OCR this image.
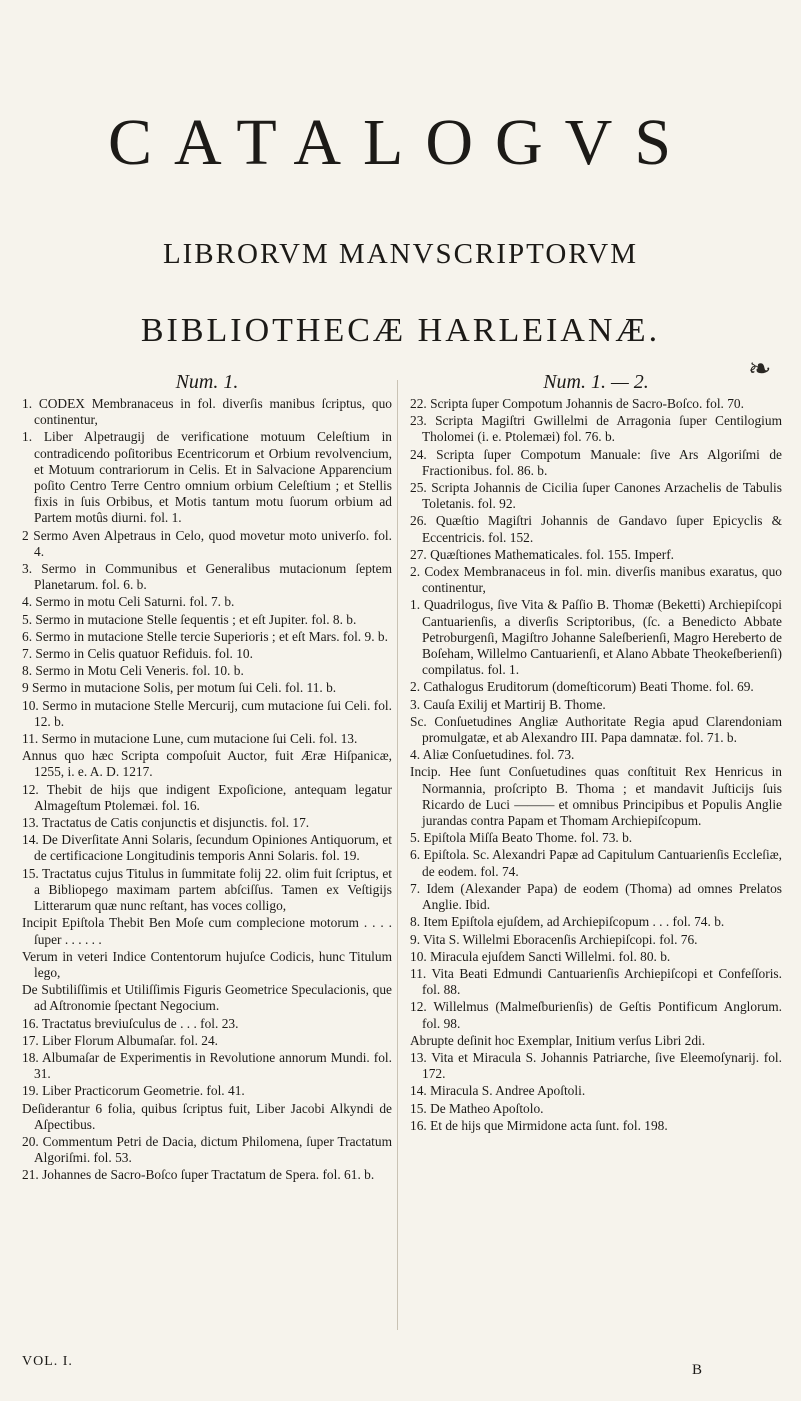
CATALOGVS
LIBRORVM MANVSCRIPTORVM
BIBLIOTHECÆ HARLEIANÆ.
❧
Num. 1.

1. CODEX Membranaceus in fol. diverſis manibus ſcriptus, quo continentur,

1. Liber Alpetraugij de verificatione motuum Celeſtium in contradicendo poſitoribus Ecentricorum et Orbium revolvencium, et Motuum contrariorum in Celis. Et in Salvacione Apparencium poſito Centro Terre Centro omnium orbium Celeſtium ; et Stellis fixis in ſuis Orbibus, et Motis tantum motu ſuorum orbium ad Partem motûs diurni. fol. 1.

2 Sermo Aven Alpetraus in Celo, quod movetur moto univerſo. fol. 4.

3. Sermo in Communibus et Generalibus mutacionum ſeptem Planetarum. fol. 6. b.

4. Sermo in motu Celi Saturni. fol. 7. b.

5. Sermo in mutacione Stelle ſequentis ; et eſt Jupiter. fol. 8. b.

6. Sermo in mutacione Stelle tercie Superioris ; et eſt Mars. fol. 9. b.

7. Sermo in Celis quatuor Refiduis. fol. 10.

8. Sermo in Motu Celi Veneris. fol. 10. b.

9 Sermo in mutacione Solis, per motum ſui Celi. fol. 11. b.

10. Sermo in mutacione Stelle Mercurij, cum mutacione ſui Celi. fol. 12. b.

11. Sermo in mutacione Lune, cum mutacione ſui Celi. fol. 13.

Annus quo hæc Scripta compoſuit Auctor, fuit Æræ Hiſpanicæ, 1255, i. e. A. D. 1217.

12. Thebit de hijs que indigent Expoſicione, antequam legatur Almageſtum Ptolemæi. fol. 16.

13. Tractatus de Catis conjunctis et disjunctis. fol. 17.

14. De Diverſitate Anni Solaris, ſecundum Opiniones Antiquorum, et de certificacione Longitudinis temporis Anni Solaris. fol. 19.

15. Tractatus cujus Titulus in ſummitate folij 22. olim fuit ſcriptus, et a Bibliopego maximam partem abſciſſus. Tamen ex Veſtigijs Litterarum quæ nunc reſtant, has voces colligo,

Incipit Epiſtola Thebit Ben Moſe cum complecione motorum . . . . ſuper . . . . . .

Verum in veteri Indice Contentorum hujuſce Codicis, hunc Titulum lego,

De Subtiliſſimis et Utiliſſimis Figuris Geometrice Speculacionis, que ad Aſtronomie ſpectant Negocium.

16. Tractatus breviuſculus de . . . fol. 23.

17. Liber Florum Albumaſar. fol. 24.

18. Albumaſar de Experimentis in Revolutione annorum Mundi. fol. 31.

19. Liber Practicorum Geometrie. fol. 41.

Deſiderantur 6 folia, quibus ſcriptus fuit, Liber Jacobi Alkyndi de Aſpectibus.

20. Commentum Petri de Dacia, dictum Philomena, ſuper Tractatum Algoriſmi. fol. 53.

21. Johannes de Sacro-Boſco ſuper Tractatum de Spera. fol. 61. b.

Num. 1. — 2.

22. Scripta ſuper Compotum Johannis de Sacro-Boſco. fol. 70.

23. Scripta Magiſtri Gwillelmi de Arragonia ſuper Centilogium Tholomei (i. e. Ptolemæi) fol. 76. b.

24. Scripta ſuper Compotum Manuale: ſive Ars Algoriſmi de Fractionibus. fol. 86. b.

25. Scripta Johannis de Cicilia ſuper Canones Arzachelis de Tabulis Toletanis. fol. 92.

26. Quæſtio Magiſtri Johannis de Gandavo ſuper Epicyclis & Eccentricis. fol. 152.

27. Quæſtiones Mathematicales. fol. 155. Imperf.

2. Codex Membranaceus in fol. min. diverſis manibus exaratus, quo continentur,

1. Quadrilogus, ſive Vita & Paſſio B. Thomæ (Beketti) Archiepiſcopi Cantuarienſis, a diverſis Scriptoribus, (ſc. a Benedicto Abbate Petroburgenſi, Magiſtro Johanne Saleſberienſi, Magro Hereberto de Boſeham, Willelmo Cantuarienſi, et Alano Abbate Theokeſberienſi) compilatus. fol. 1.

2. Cathalogus Eruditorum (domeſticorum) Beati Thome. fol. 69.

3. Cauſa Exilij et Martirij B. Thome.

Sc. Conſuetudines Angliæ Authoritate Regia apud Clarendoniam promulgatæ, et ab Alexandro III. Papa damnatæ. fol. 71. b.

4. Aliæ Conſuetudines. fol. 73.

Incip. Hee ſunt Conſuetudines quas conſtituit Rex Henricus in Normannia, proſcripto B. Thoma ; et mandavit Juſticijs ſuis Ricardo de Luci ——— et omnibus Principibus et Populis Anglie jurandas contra Papam et Thomam Archiepiſcopum.

5. Epiſtola Miſſa Beato Thome. fol. 73. b.

6. Epiſtola. Sc. Alexandri Papæ ad Capitulum Cantuarienſis Eccleſiæ, de eodem. fol. 74.

7. Idem (Alexander Papa) de eodem (Thoma) ad omnes Prelatos Anglie. Ibid.

8. Item Epiſtola ejuſdem, ad Archiepiſcopum . . . fol. 74. b.

9. Vita S. Willelmi Eboracenſis Archiepiſcopi. fol. 76.

10. Miracula ejuſdem Sancti Willelmi. fol. 80. b.

11. Vita Beati Edmundi Cantuarienſis Archiepiſcopi et Confeſſoris. fol. 88.

12. Willelmus (Malmeſburienſis) de Geſtis Pontificum Anglorum. fol. 98.

Abrupte deſinit hoc Exemplar, Initium verſus Libri 2di.

13. Vita et Miracula S. Johannis Patriarche, ſive Eleemoſynarij. fol. 172.

14. Miracula S. Andree Apoſtoli.

15. De Matheo Apoſtolo.

16. Et de hijs que Mirmidone acta ſunt. fol. 198.

VOL. I.
B
